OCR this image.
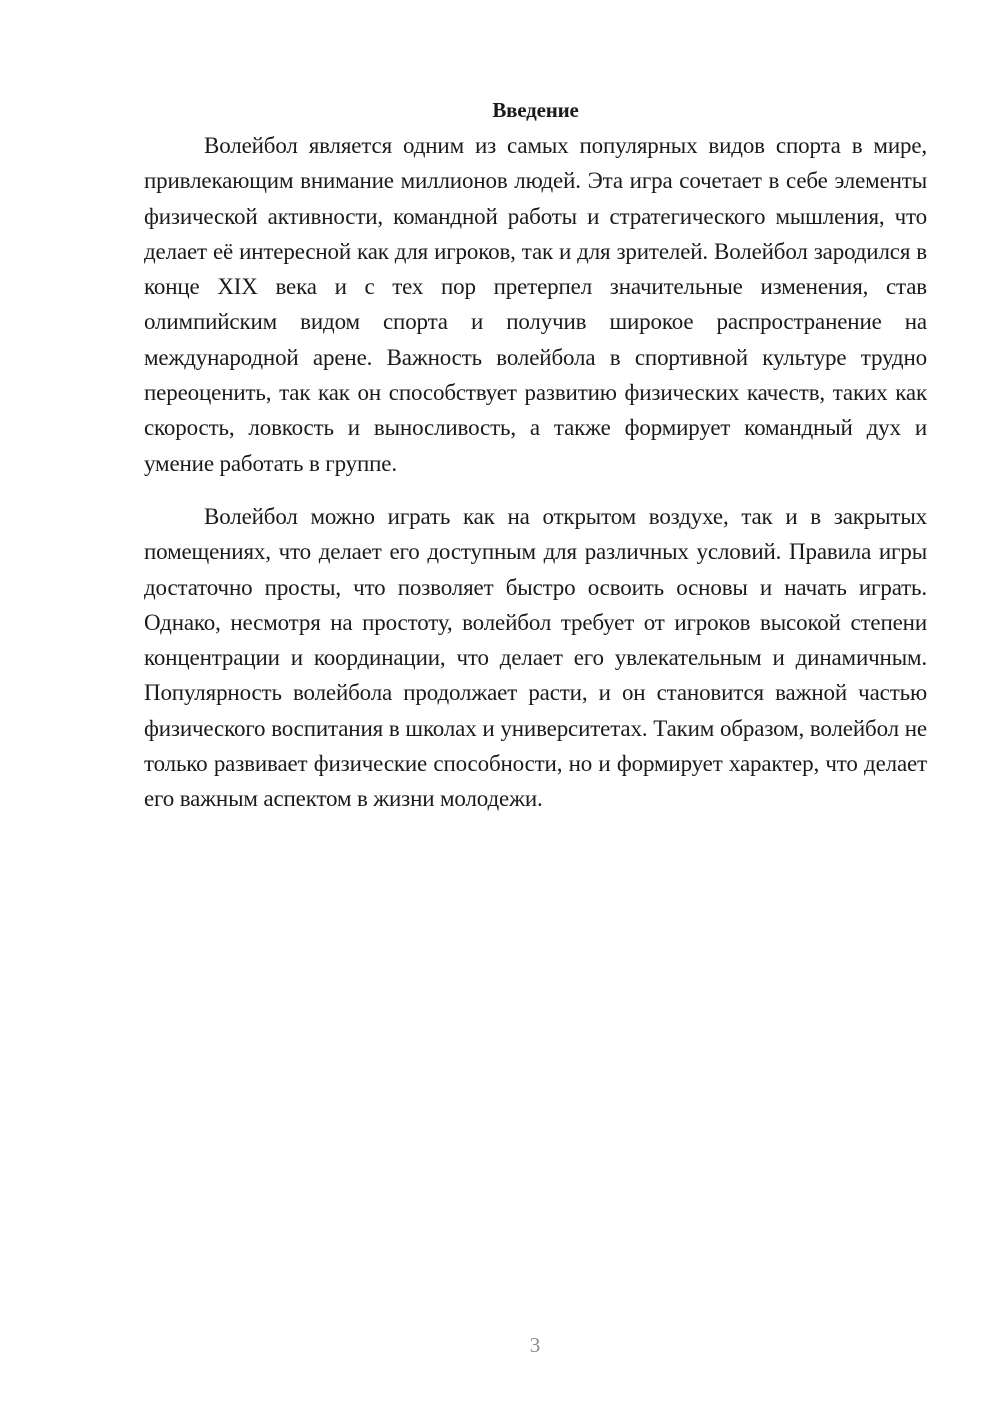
Введение

Волейбол является одним из самых популярных видов спорта в мире, привлекающим внимание миллионов людей. Эта игра сочетает в себе элементы физической активности, командной работы и стратегического мышления, что делает её интересной как для игроков, так и для зрителей. Волейбол зародился в конце XIX века и с тех пор претерпел значительные изменения, став олимпийским видом спорта и получив широкое распространение на международной арене. Важность волейбола в спортивной культуре трудно переоценить, так как он способствует развитию физических качеств, таких как скорость, ловкость и выносливость, а также формирует командный дух и умение работать в группе.

Волейбол можно играть как на открытом воздухе, так и в закрытых помещениях, что делает его доступным для различных условий. Правила игры достаточно просты, что позволяет быстро освоить основы и начать играть. Однако, несмотря на простоту, волейбол требует от игроков высокой степени концентрации и координации, что делает его увлекательным и динамичным. Популярность волейбола продолжает расти, и он становится важной частью физического воспитания в школах и университетах. Таким образом, волейбол не только развивает физические способности, но и формирует характер, что делает его важным аспектом в жизни молодежи.

3
